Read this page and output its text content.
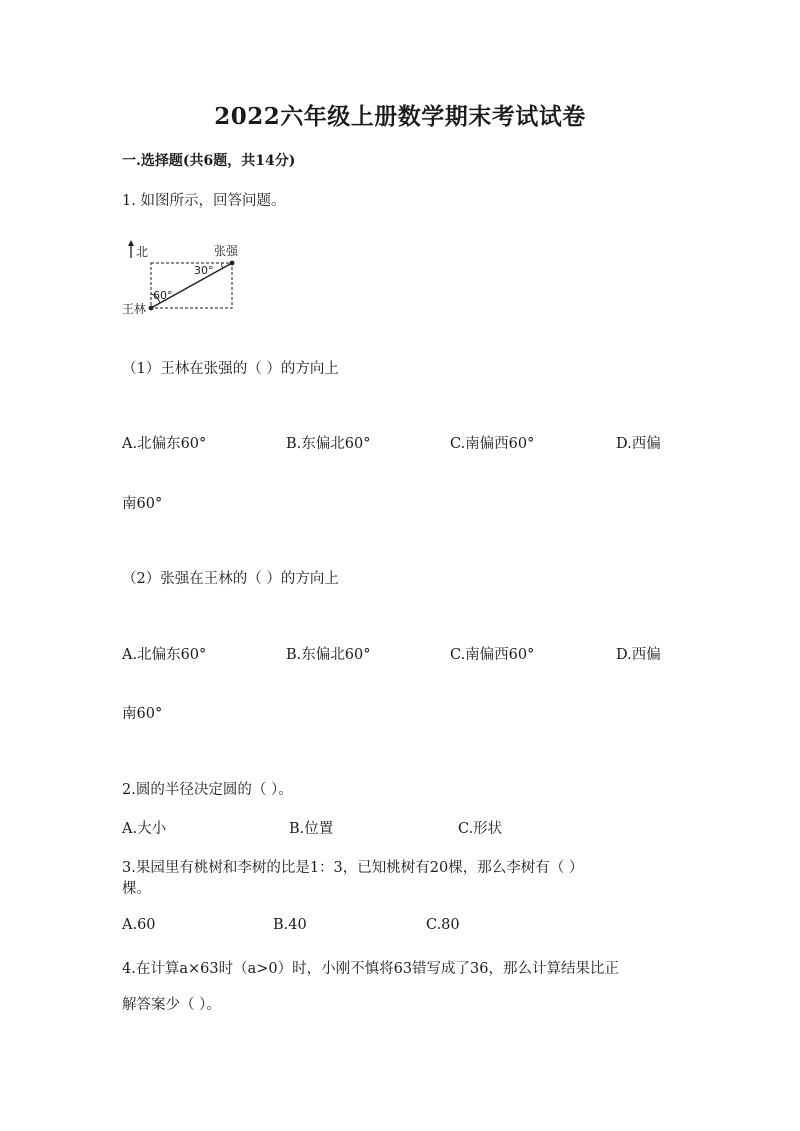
2022六年级上册数学期末考试试卷
一.选择题(共6题，共14分)
1. 如图所示，回答问题。
北	张强
30°
60°
王林
（1）王林在张强的（ ）的方向上
A.北偏东60°	B.东偏北60°	C.南偏西60°	D.西偏
南60°
（2）张强在王林的（ ）的方向上
A.北偏东60°	B.东偏北60°	C.南偏西60°	D.西偏
南60°
2.圆的半径决定圆的（ ）。
A.大小	B.位置	C.形状
3.果园里有桃树和李树的比是1：3，已知桃树有20棵，那么李树有（ ）
棵。
A.60	B.40	C.80
4.在计算a×63时（a>0）时，小刚不慎将63错写成了36，那么计算结果比正
解答案少（ ）。
